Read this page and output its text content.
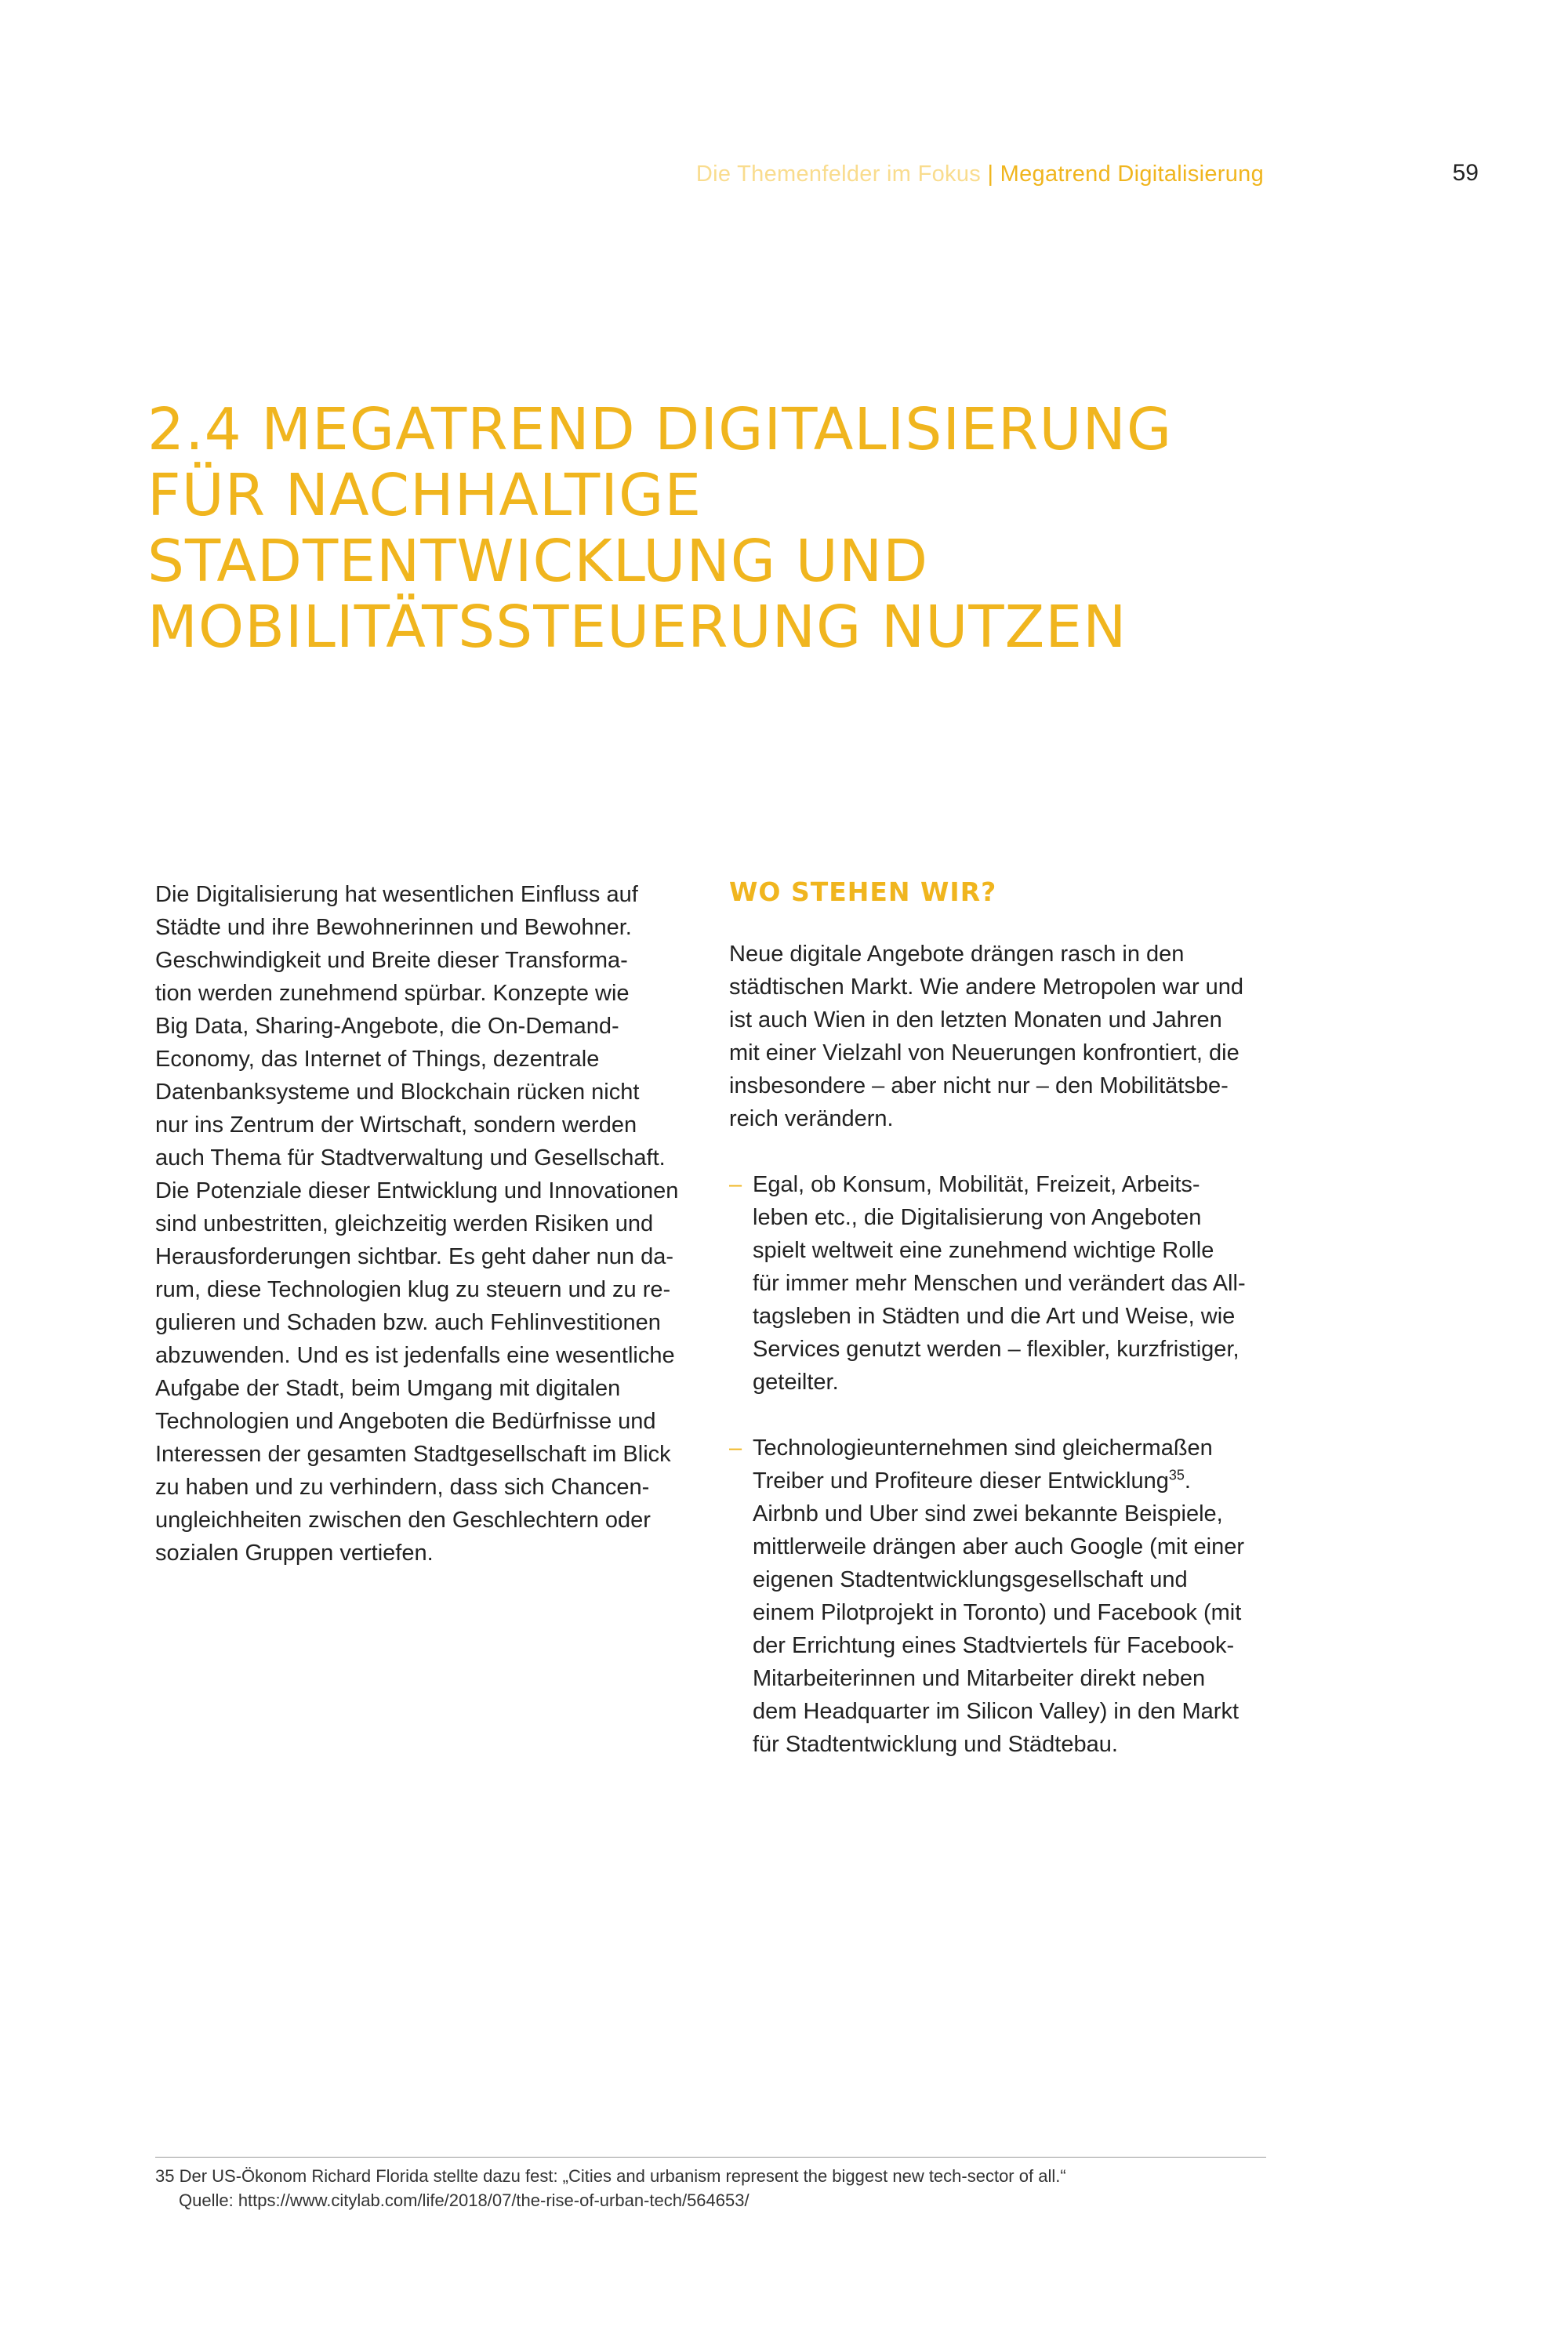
Die Themenfelder im Fokus | Megatrend Digitalisierung	59
2.4 MEGATREND DIGITALISIERUNG
FÜR NACHHALTIGE
STADTENTWICKLUNG UND
MOBILITÄTSSTEUERUNG NUTZEN

Die Digitalisierung hat wesentlichen Einfluss auf
Städte und ihre Bewohnerinnen und Bewohner.
Geschwindigkeit und Breite dieser Transforma-
tion werden zunehmend spürbar. Konzepte wie
Big Data, Sharing-Angebote, die On-Demand-
Economy, das Internet of Things, dezentrale
Datenbanksysteme und Blockchain rücken nicht
nur ins Zentrum der Wirtschaft, sondern werden
auch Thema für Stadtverwaltung und Gesellschaft.
Die Potenziale dieser Entwicklung und Innovationen
sind unbestritten, gleichzeitig werden Risiken und
Herausforderungen sichtbar. Es geht daher nun da-
rum, diese Technologien klug zu steuern und zu re-
gulieren und Schaden bzw. auch Fehlinvestitionen
abzuwenden. Und es ist jedenfalls eine wesentliche
Aufgabe der Stadt, beim Umgang mit digitalen
Technologien und Angeboten die Bedürfnisse und
Interessen der gesamten Stadtgesellschaft im Blick
zu haben und zu verhindern, dass sich Chancen-
ungleichheiten zwischen den Geschlechtern oder
sozialen Gruppen vertiefen.

WO STEHEN WIR?

Neue digitale Angebote drängen rasch in den
städtischen Markt. Wie andere Metropolen war und
ist auch Wien in den letzten Monaten und Jahren
mit einer Vielzahl von Neuerungen konfrontiert, die
insbesondere – aber nicht nur – den Mobilitätsbe-
reich verändern.

– Egal, ob Konsum, Mobilität, Freizeit, Arbeits-
leben etc., die Digitalisierung von Angeboten
spielt weltweit eine zunehmend wichtige Rolle
für immer mehr Menschen und verändert das All-
tagsleben in Städten und die Art und Weise, wie
Services genutzt werden – flexibler, kurzfristiger,
geteilter.
– Technologieunternehmen sind gleichermaßen
Treiber und Profiteure dieser Entwicklung$^{35}$.
Airbnb und Uber sind zwei bekannte Beispiele,
mittlerweile drängen aber auch Google (mit einer
eigenen Stadtentwicklungsgesellschaft und
einem Pilotprojekt in Toronto) und Facebook (mit
der Errichtung eines Stadtviertels für Facebook-
Mitarbeiterinnen und Mitarbeiter direkt neben
dem Headquarter im Silicon Valley) in den Markt
für Stadtentwicklung und Städtebau.
35 Der US-Ökonom Richard Florida stellte dazu fest: „Cities and urbanism represent the biggest new tech-sector of all.“
Quelle: https://www.citylab.com/life/2018/07/the-rise-of-urban-tech/564653/
